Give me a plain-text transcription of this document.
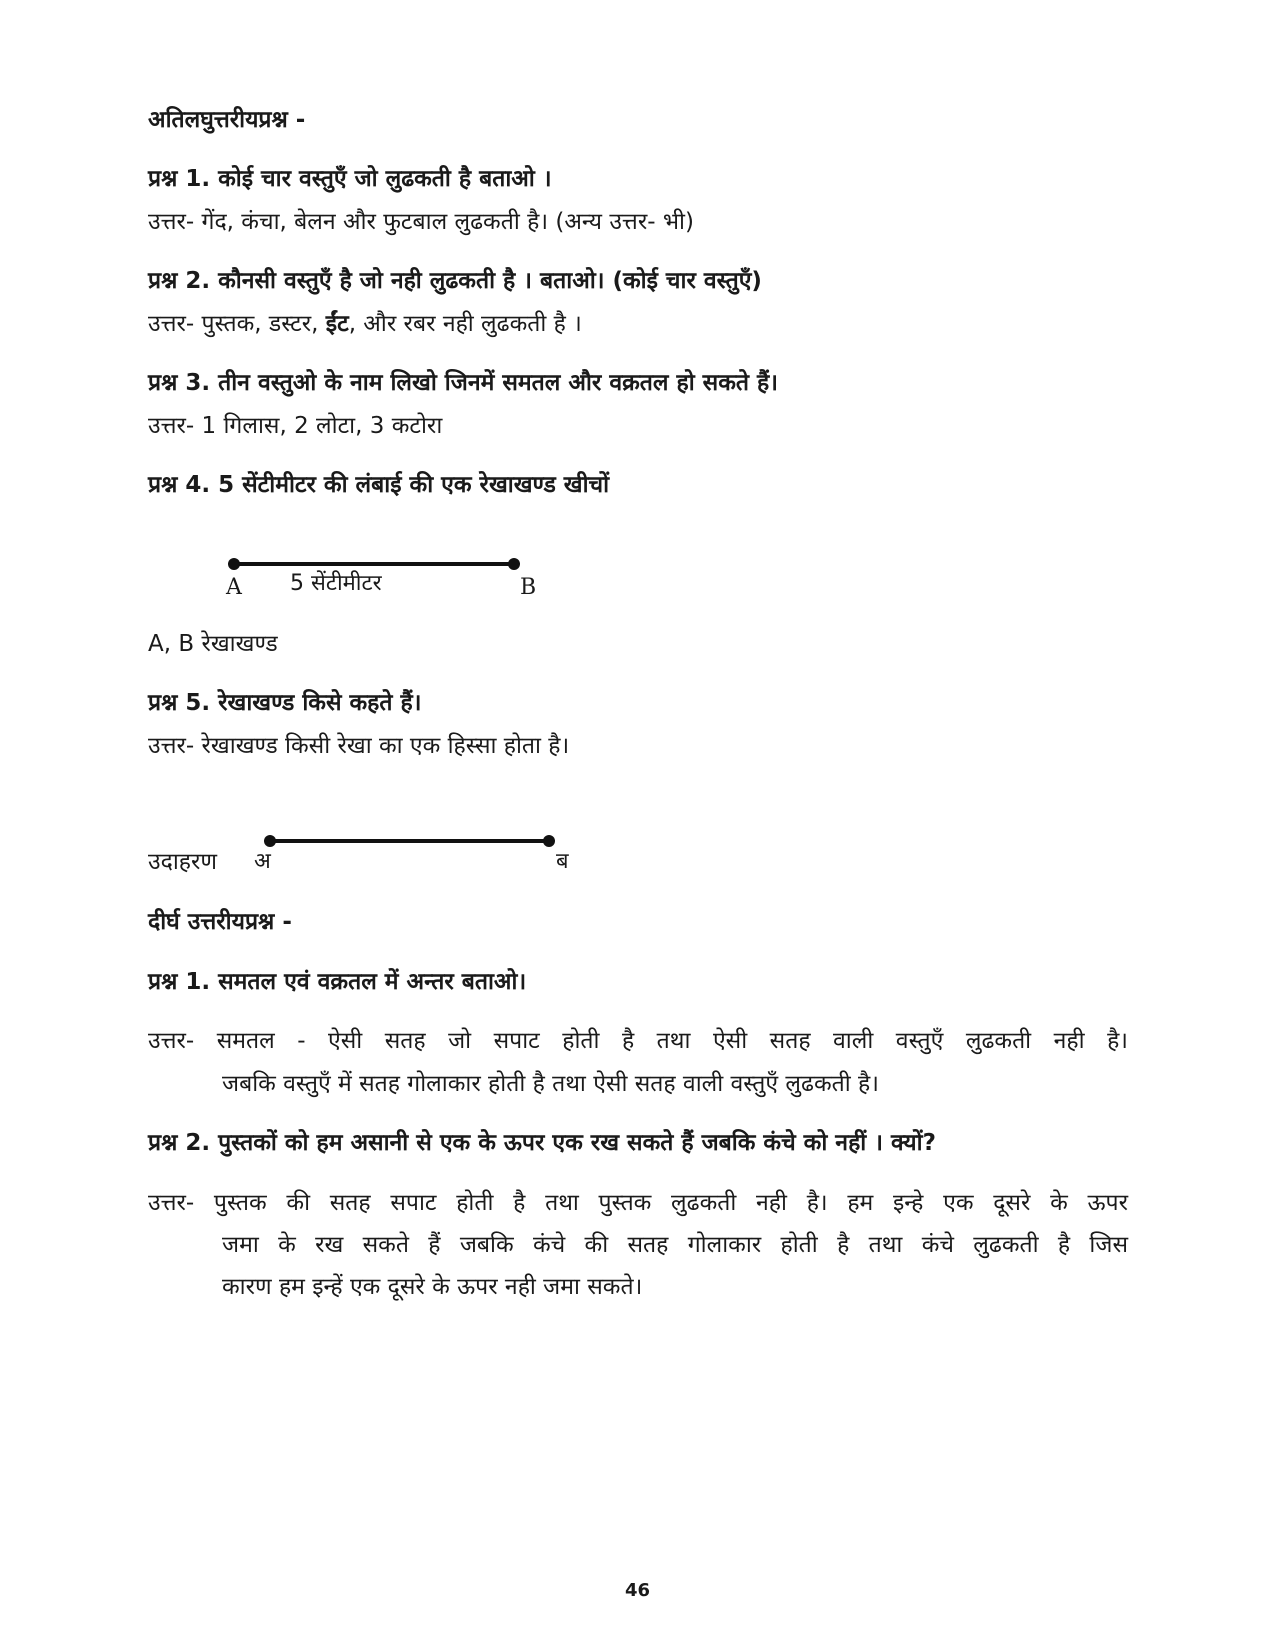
अतिलघुत्तरीयप्रश्न -
प्रश्न 1. कोई चार वस्तुएँ जो लुढकती है बताओ ।
उत्तर- गेंद, कंचा, बेलन और फुटबाल लुढकती है। (अन्य उत्तर- भी)
प्रश्न 2. कौनसी वस्तुएँ है जो नही लुढकती है । बताओ। (कोई चार वस्तुएँ)
उत्तर- पुस्तक, डस्टर, ईंट, और रबर नही लुढकती है ।
प्रश्न 3. तीन वस्तुओ के नाम लिखो जिनमें समतल और वक्रतल हो सकते हैं।
उत्तर- 1 गिलास, 2 लोटा, 3 कटोरा
प्रश्न 4. 5 सेंटीमीटर की लंबाई की एक रेखाखण्ड खीचों
A 5 सेंटीमीटर	B
A, B रेखाखण्ड
प्रश्न 5. रेखाखण्ड किसे कहते हैं।
उत्तर- रेखाखण्ड किसी रेखा का एक हिस्सा होता है।
उदाहरण अ	ब
दीर्घ उत्तरीयप्रश्न -
प्रश्न 1. समतल एवं वक्रतल में अन्तर बताओ।
उत्तर- समतल - ऐसी सतह जो सपाट होती है तथा ऐसी सतह वाली वस्तुएँ लुढकती नही है।
जबकि वस्तुएँ में सतह गोलाकार होती है तथा ऐसी सतह वाली वस्तुएँ लुढकती है।
प्रश्न 2. पुस्तकों को हम असानी से एक के ऊपर एक रख सकते हैं जबकि कंचे को नहीं । क्यों?
उत्तर- पुस्तक की सतह सपाट होती है तथा पुस्तक लुढकती नही है। हम इन्हे एक दूसरे के ऊपर
जमा के रख सकते हैं जबकि कंचे की सतह गोलाकार होती है तथा कंचे लुढकती है जिस
कारण हम इन्हें एक दूसरे के ऊपर नही जमा सकते।
46
